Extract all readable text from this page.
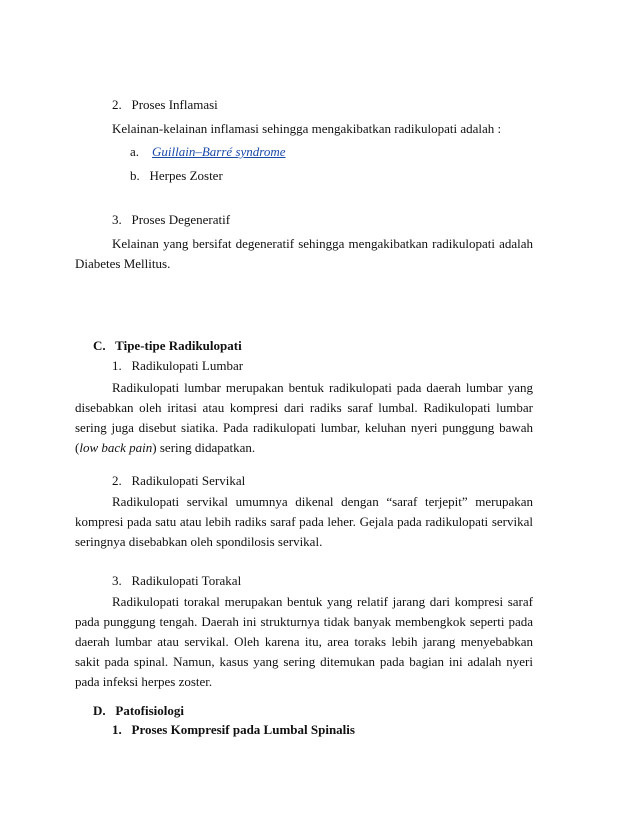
2.   Proses Inflamasi
Kelainan-kelainan inflamasi sehingga mengakibatkan radikulopati adalah :
a. Guillain–Barré syndrome
b.   Herpes Zoster
3.   Proses Degeneratif
Kelainan yang bersifat degeneratif sehingga mengakibatkan radikulopati adalah Diabetes Mellitus.
C.   Tipe-tipe Radikulopati
1.   Radikulopati Lumbar
Radikulopati lumbar merupakan bentuk radikulopati pada daerah lumbar yang disebabkan oleh iritasi atau kompresi dari radiks saraf lumbal. Radikulopati lumbar sering juga disebut siatika. Pada radikulopati lumbar, keluhan nyeri punggung bawah (low back pain) sering didapatkan.
2.   Radikulopati Servikal
Radikulopati servikal umumnya dikenal dengan “saraf terjepit” merupakan kompresi pada satu atau lebih radiks saraf pada leher. Gejala pada radikulopati servikal seringnya disebabkan oleh spondilosis servikal.
3.   Radikulopati Torakal
Radikulopati torakal merupakan bentuk yang relatif jarang dari kompresi saraf pada punggung tengah. Daerah ini strukturnya tidak banyak membengkok seperti pada daerah lumbar atau servikal. Oleh karena itu, area toraks lebih jarang menyebabkan sakit pada spinal. Namun, kasus yang sering ditemukan pada bagian ini adalah nyeri pada infeksi herpes zoster.
D.   Patofisiologi
1.   Proses Kompresif pada Lumbal Spinalis
